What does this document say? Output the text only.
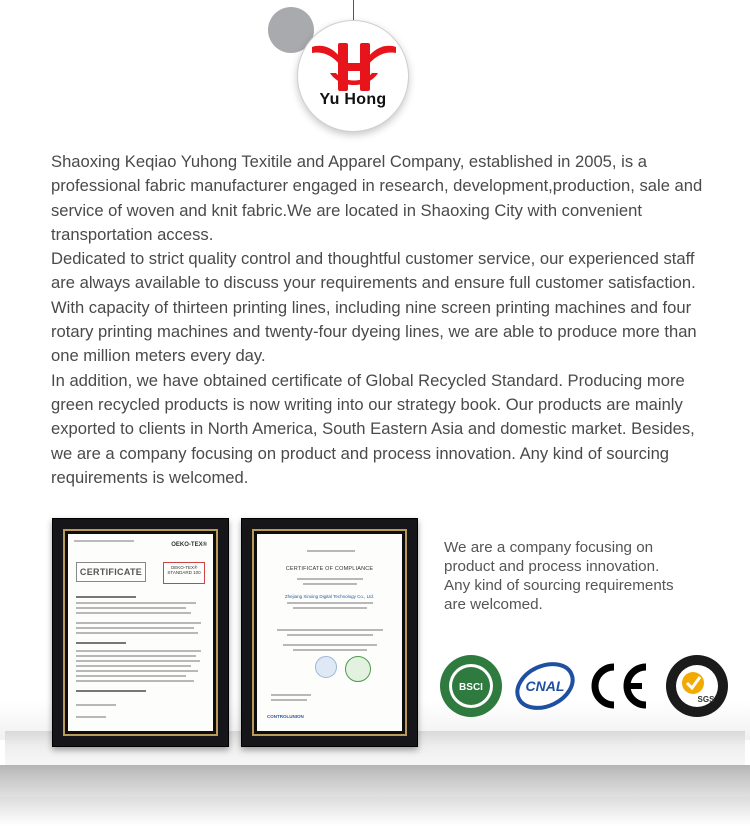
Yu Hong

Shaoxing Keqiao Yuhong Texitile and Apparel Company, established in 2005, is a professional fabric manufacturer engaged in research, development,production, sale and service of woven and knit fabric.We are located in Shaoxing City with convenient transportation access.

Dedicated to strict quality control and thoughtful customer service, our experienced staff are always available to discuss your requirements and ensure full customer satisfaction. With capacity of thirteen printing lines, including nine screen printing machines and four rotary printing machines and twenty-four dyeing lines, we are able to produce more than one million meters every day.

In addition, we have obtained certificate of Global Recycled Standard. Producing more green recycled products is now writing into our strategy book. Our products are mainly exported to clients in North America, South Eastern Asia and domestic market. Besides, we are a company focusing on product and process innovation. Any kind of sourcing requirements is welcomed.

OEKO-TEX®
CERTIFICATE	OEKO-TEX® STANDARD 100
CERTIFICATE OF COMPLIANCE
Zhejiang Xinxing Digital Technology Co., Ltd.
CONTROLUNION

We are a company focusing on

product and process innovation.

Any kind of sourcing requirements

are welcomed.

BSCI	CNAL
SGS
